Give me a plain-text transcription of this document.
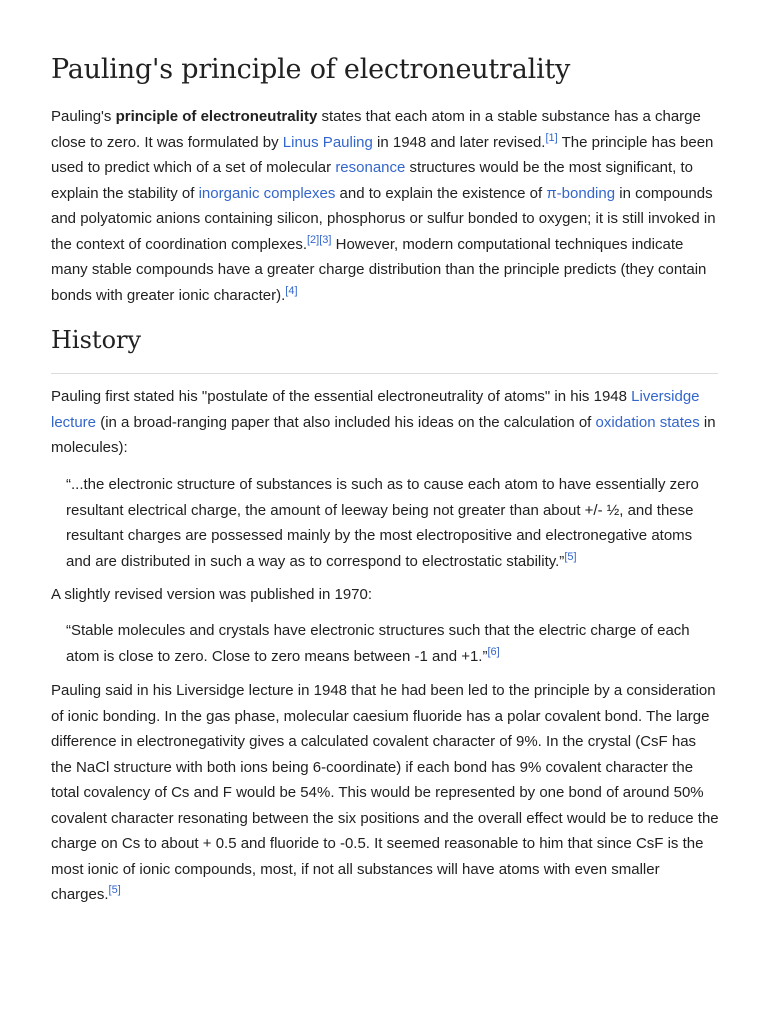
Pauling's principle of electroneutrality

Pauling's principle of electroneutrality states that each atom in a stable substance has a charge close to zero. It was formulated by Linus Pauling in 1948 and later revised.[1] The principle has been used to predict which of a set of molecular resonance structures would be the most significant, to explain the stability of inorganic complexes and to explain the existence of π-bonding in compounds and polyatomic anions containing silicon, phosphorus or sulfur bonded to oxygen; it is still invoked in the context of coordination complexes.[2][3] However, modern computational techniques indicate many stable compounds have a greater charge distribution than the principle predicts (they contain bonds with greater ionic character).[4]

History

Pauling first stated his "postulate of the essential electroneutrality of atoms" in his 1948 Liversidge lecture (in a broad-ranging paper that also included his ideas on the calculation of oxidation states in molecules):

“...the electronic structure of substances is such as to cause each atom to have essentially zero resultant electrical charge, the amount of leeway being not greater than about +/- ½, and these resultant charges are possessed mainly by the most electropositive and electronegative atoms and are distributed in such a way as to correspond to electrostatic stability.”[5]

A slightly revised version was published in 1970:

“Stable molecules and crystals have electronic structures such that the electric charge of each atom is close to zero. Close to zero means between -1 and +1.”[6]

Pauling said in his Liversidge lecture in 1948 that he had been led to the principle by a consideration of ionic bonding. In the gas phase, molecular caesium fluoride has a polar covalent bond. The large difference in electronegativity gives a calculated covalent character of 9%. In the crystal (CsF has the NaCl structure with both ions being 6-coordinate) if each bond has 9% covalent character the total covalency of Cs and F would be 54%. This would be represented by one bond of around 50% covalent character resonating between the six positions and the overall effect would be to reduce the charge on Cs to about + 0.5 and fluoride to -0.5. It seemed reasonable to him that since CsF is the most ionic of ionic compounds, most, if not all substances will have atoms with even smaller charges.[5]
